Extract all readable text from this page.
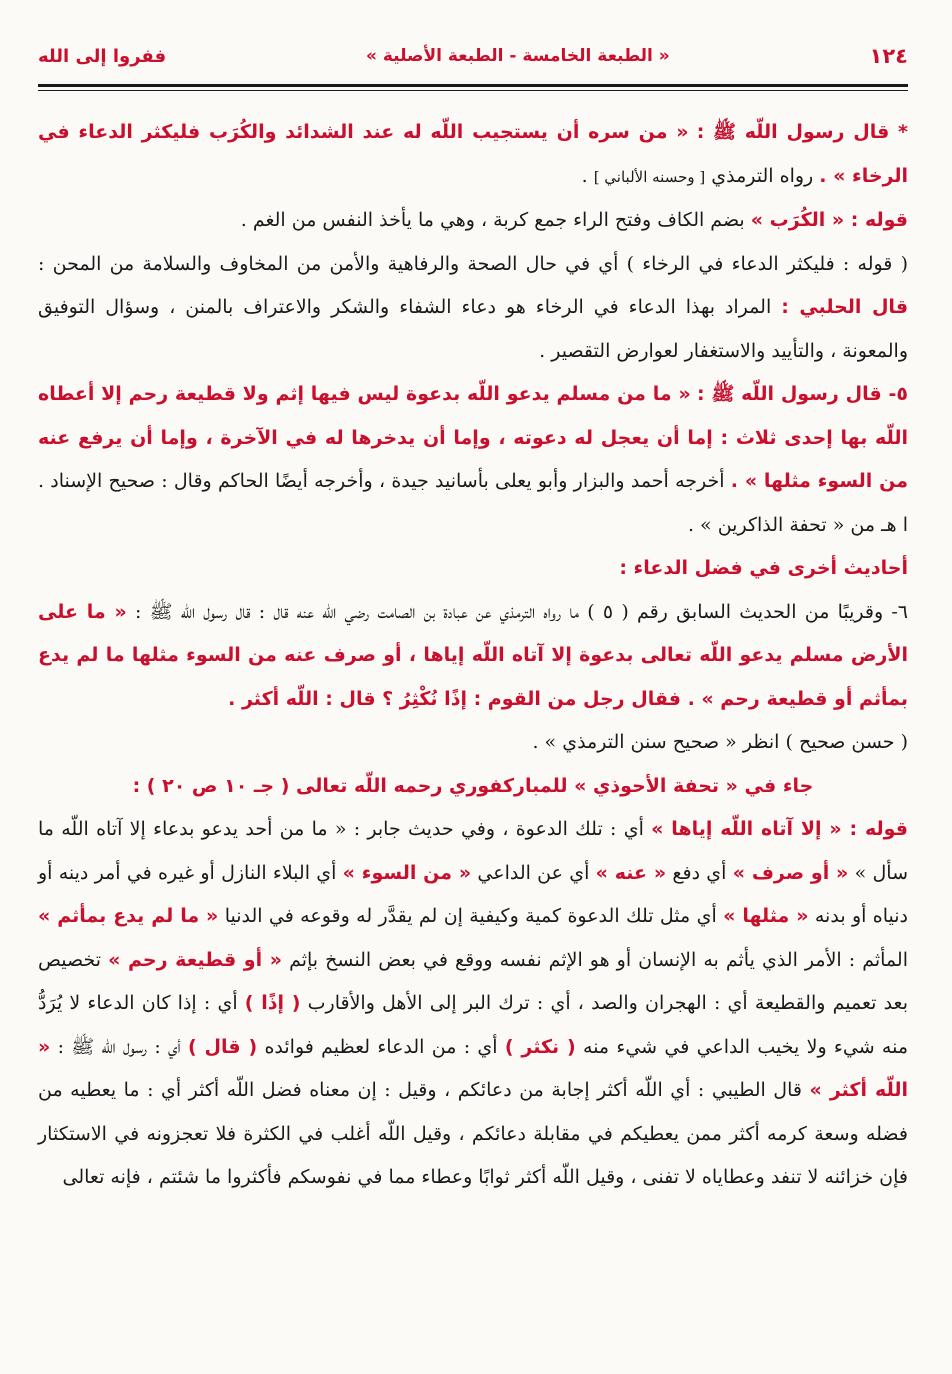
١٢٤
« الطبعة الخامسة - الطبعة الأصلية »
ففروا إلى الله

* قال رسول اللّه ﷺ : « من سره أن يستجيب اللّه له عند الشدائد والكُرَب فليكثر الدعاء في الرخاء » . رواه الترمذي [ وحسنه الألباني ] .

قوله : « الكُرَب » بضم الكاف وفتح الراء جمع كربة ، وهي ما يأخذ النفس من الغم .

( قوله : فليكثر الدعاء في الرخاء ) أي في حال الصحة والرفاهية والأمن من المخاوف والسلامة من المحن : قال الحلبي : المراد بهذا الدعاء في الرخاء هو دعاء الشفاء والشكر والاعتراف بالمنن ، وسؤال التوفيق والمعونة ، والتأييد والاستغفار لعوارض التقصير .

٥- قال رسول اللّه ﷺ : « ما من مسلم يدعو اللّه بدعوة ليس فيها إثم ولا قطيعة رحم إلا أعطاه اللّه بها إحدى ثلاث : إما أن يعجل له دعوته ، وإما أن يدخرها له في الآخرة ، وإما أن يرفع عنه من السوء مثلها » . أخرجه أحمد والبزار وأبو يعلى بأسانيد جيدة ، وأخرجه أيضًا الحاكم وقال : صحيح الإسناد . ا هـ من « تحفة الذاكرين » .

أحاديث أخرى في فضل الدعاء :

٦- وقريبًا من الحديث السابق رقم ( ٥ ) ما رواه الترمذي عن عبادة بن الصامت رضي اللّه عنه قال : قال رسول اللّه ﷺ : « ما على الأرض مسلم يدعو اللّه تعالى بدعوة إلا آتاه اللّه إياها ، أو صرف عنه من السوء مثلها ما لم يدع بمأثم أو قطيعة رحم » . فقال رجل من القوم : إذًا نُكْثِرُ ؟ قال : اللّه أكثر .

( حسن صحيح ) انظر « صحيح سنن الترمذي » .

جاء في « تحفة الأحوذي » للمباركفوري رحمه اللّه تعالى ( جـ ١٠ ص ٢٠ ) :

قوله : « إلا آتاه اللّه إياها » أي : تلك الدعوة ، وفي حديث جابر : « ما من أحد يدعو بدعاء إلا آتاه اللّه ما سأل » « أو صرف » أي دفع « عنه » أي عن الداعي « من السوء » أي البلاء النازل أو غيره في أمر دينه أو دنياه أو بدنه « مثلها » أي مثل تلك الدعوة كمية وكيفية إن لم يقدَّر له وقوعه في الدنيا « ما لم يدع بمأثم » المأثم : الأمر الذي يأثم به الإنسان أو هو الإثم نفسه ووقع في بعض النسخ بإثم « أو قطيعة رحم » تخصيص بعد تعميم والقطيعة أي : الهجران والصد ، أي : ترك البر إلى الأهل والأقارب ( إذًا ) أي : إذا كان الدعاء لا يُرَدُّ منه شيء ولا يخيب الداعي في شيء منه ( نكثر ) أي : من الدعاء لعظيم فوائده ( قال ) أي : رسول اللّه ﷺ : « اللّه أكثر » قال الطيبي : أي اللّه أكثر إجابة من دعائكم ، وقيل : إن معناه فضل اللّه أكثر أي : ما يعطيه من فضله وسعة كرمه أكثر ممن يعطيكم في مقابلة دعائكم ، وقيل اللّه أغلب في الكثرة فلا تعجزونه في الاستكثار فإن خزائنه لا تنفد وعطاياه لا تفنى ، وقيل اللّه أكثر ثوابًا وعطاء مما في نفوسكم فأكثروا ما شئتم ، فإنه تعالى
